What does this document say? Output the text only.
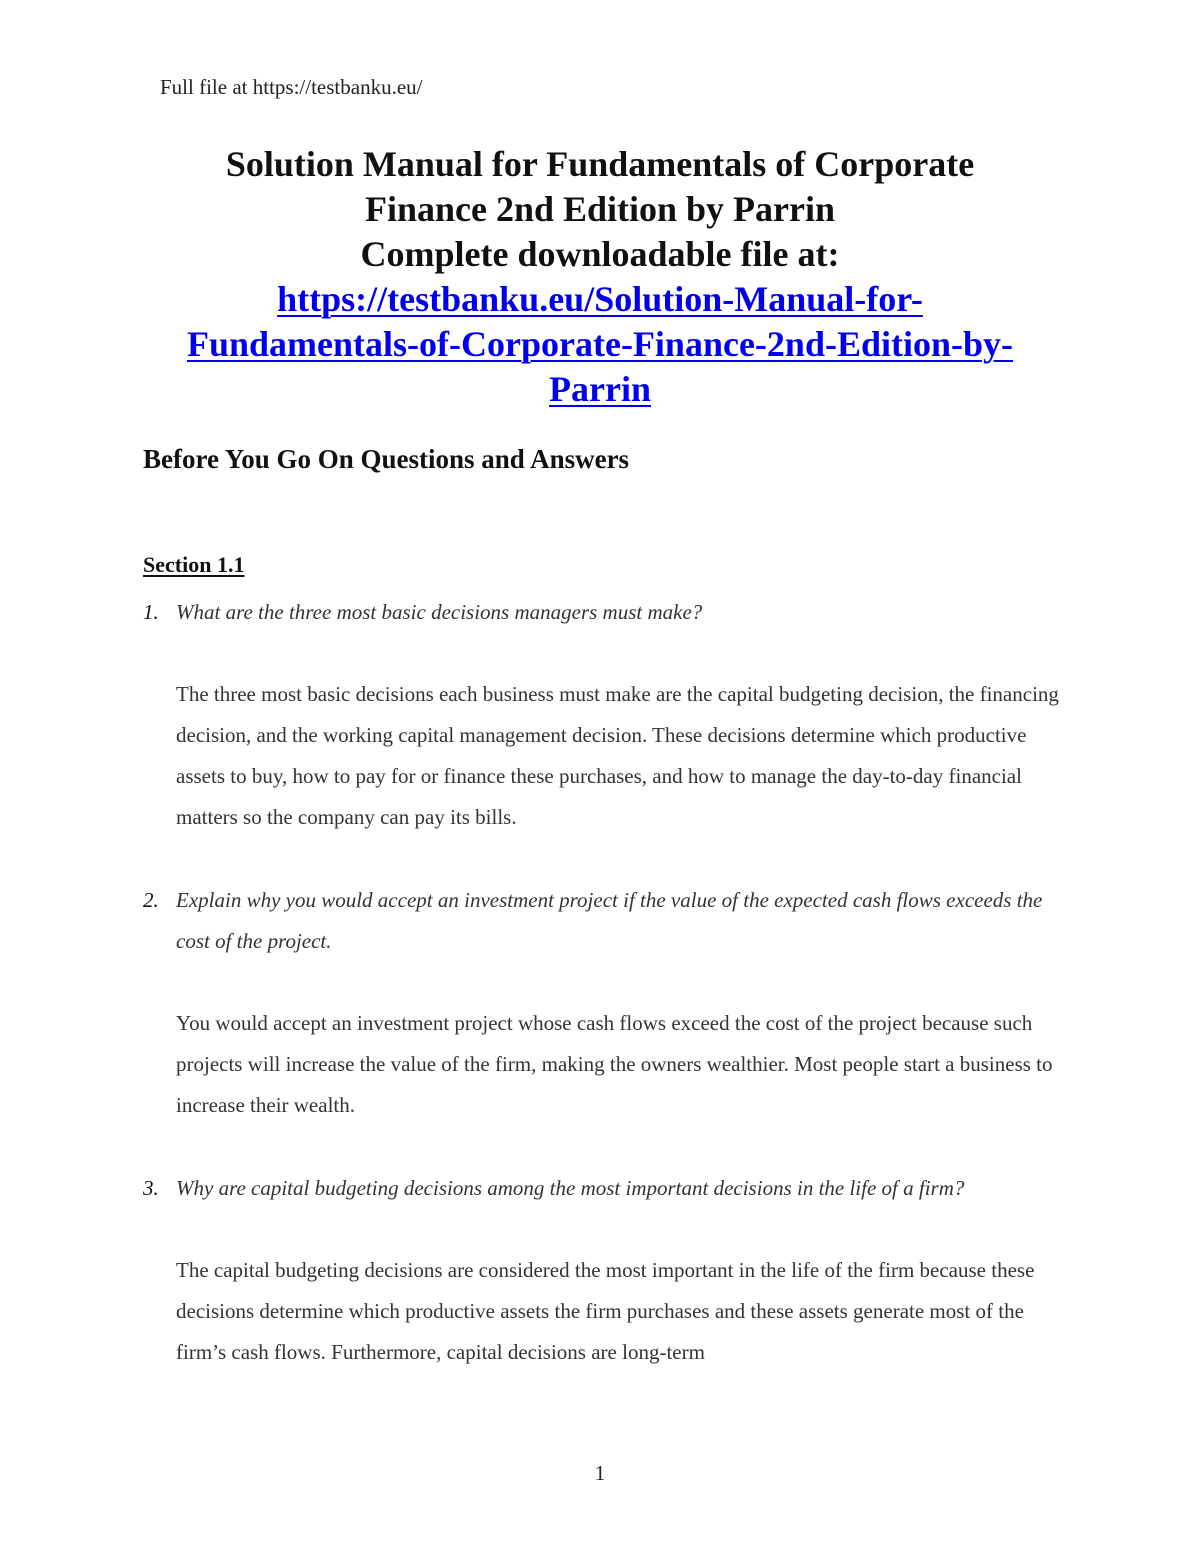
Full file at https://testbanku.eu/
Solution Manual for Fundamentals of Corporate
Finance 2nd Edition by Parrin
Complete downloadable file at:
https://testbanku.eu/Solution-Manual-for-
Fundamentals-of-Corporate-Finance-2nd-Edition-by-
Parrin
Before You Go On Questions and Answers
Section 1.1
1. What are the three most basic decisions managers must make?

The three most basic decisions each business must make are the capital budgeting decision, the financing decision, and the working capital management decision. These decisions determine which productive assets to buy, how to pay for or finance these purchases, and how to manage the day-to-day financial matters so the company can pay its bills.

2. Explain why you would accept an investment project if the value of the expected cash flows exceeds the cost of the project.

You would accept an investment project whose cash flows exceed the cost of the project because such projects will increase the value of the firm, making the owners wealthier. Most people start a business to increase their wealth.

3. Why are capital budgeting decisions among the most important decisions in the life of a firm?

The capital budgeting decisions are considered the most important in the life of the firm because these decisions determine which productive assets the firm purchases and these assets generate most of the firm’s cash flows. Furthermore, capital decisions are long-term

1
